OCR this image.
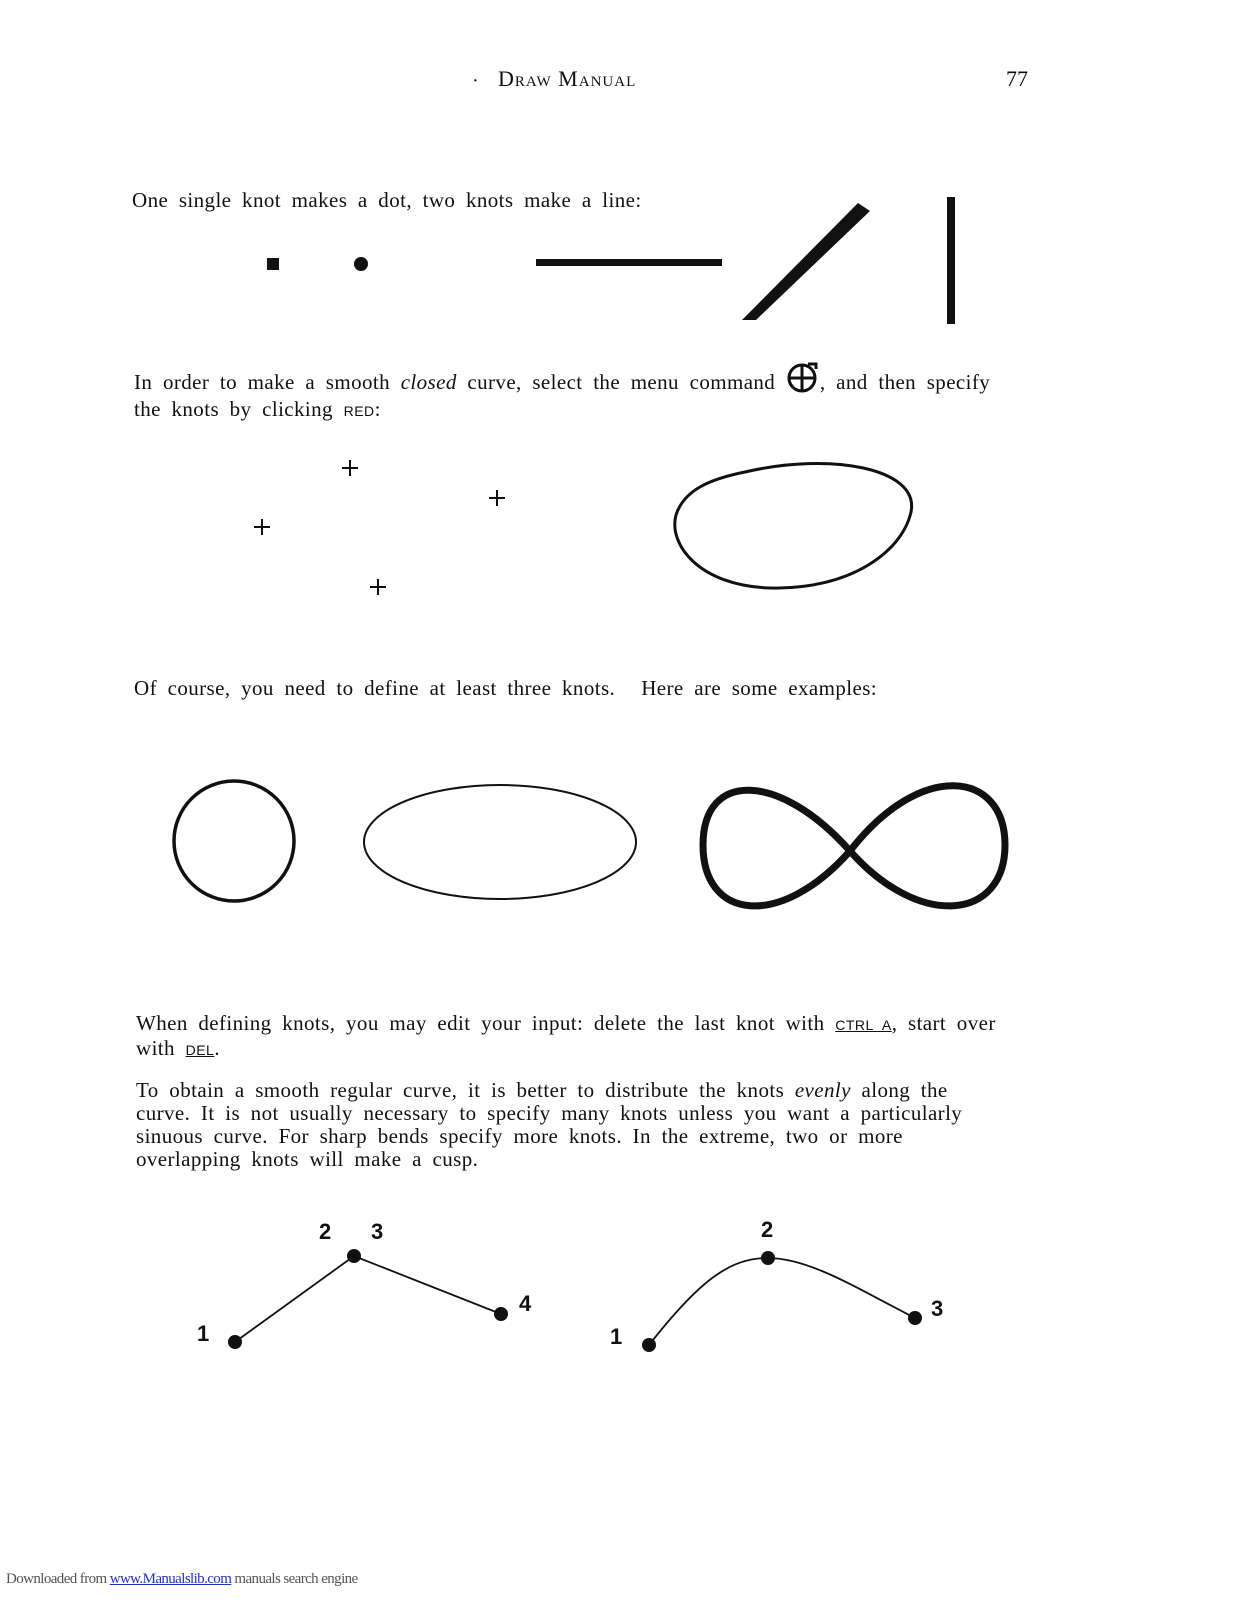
· Draw Manual	77
One single knot makes a dot, two knots make a line:
In order to make a smooth closed curve, select the menu command , and then specify
the knots by clicking RED:
Of course, you need to define at least three knots. Here are some examples:
When defining knots, you may edit your input: delete the last knot with CTRL A, start over
with DEL.
To obtain a smooth regular curve, it is better to distribute the knots evenly along the
curve. It is not usually necessary to specify many knots unless you want a particularly
sinuous curve. For sharp bends specify more knots. In the extreme, two or more
overlapping knots will make a cusp.
1
2 3
4
1
2
3
Downloaded from www.Manualslib.com manuals search engine
